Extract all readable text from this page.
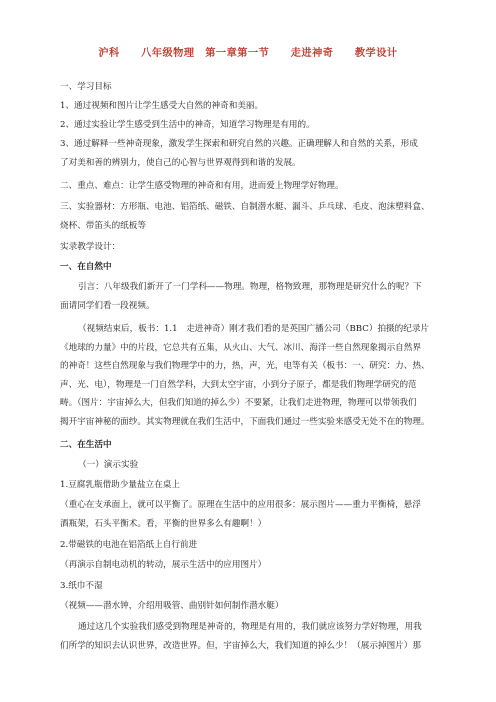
沪科　　八年级物理　第一章第一节　　走进神奇　　教学设计
一、学习目标
1、通过视频和图片让学生感受大自然的神奇和美丽。
2、通过实验让学生感受到生活中的神奇，知道学习物理是有用的。
3、通过解释一些神奇现象，激发学生探索和研究自然的兴趣。正确理解人和自然的关系，形成
了对美和善的辨别力，使自己的心智与世界观得到和谐的发展。
二、重点、难点：让学生感受物理的神奇和有用，进而爱上物理学好物理。
三、实验器材：方形瓶、电池、铝箔纸、磁铁、自制潜水艇、漏斗、乒乓球、毛皮、泡沫塑料盒、
烧杯、带笛头的纸板等
实录教学设计：
一、在自然中

引言：八年级我们新开了一门学科——物理。物理，格物致理，那物理是研究什么的呢？下

面请同学们看一段视频。

（视频结束后，板书：1.1　走进神奇）刚才我们看的是英国广播公司（BBC）拍摄的纪录片

《地球的力量》中的片段，它总共有五集，从火山、大气、冰川、海洋一些自然现象揭示自然界

的神奇！这些自然现象与我们物理学中的力，热，声，光，电等有关（板书：一、研究：力、热、

声、光、电），物理是一门自然学科，大到太空宇宙，小到分子原子，都是我们物理学研究的范

畴。（图片：宇宙掉么大，但我们知道的掉么少）不要紧，让我们走进物理，物理可以带领我们

揭开宇宙神秘的面纱。其实物理就在我们生活中，下面我们通过一些实验来感受无处不在的物理。

二、在生活中
（一）演示实验
1.豆腐乳瓶借助少量盐立在桌上
（重心在支承面上，就可以平衡了。原理在生活中的应用很多：展示图片——重力平衡椅，悬浮
酒瓶架，石头平衡术。看，平衡的世界多么有趣啊！）
2.带磁铁的电池在铝箔纸上自行前进
（再演示自制电动机的转动，展示生活中的应用图片）
3.纸巾不湿
（视频——潜水钟，介绍用吸管、曲别针如何制作潜水艇）

通过这几个实验我们感受到物理是神奇的，物理是有用的，我们就应该努力学好物理，用我

们所学的知识去认识世界，改造世界。但，宇宙掉么大，我们知道的掉么少！（展示掉图片）那
